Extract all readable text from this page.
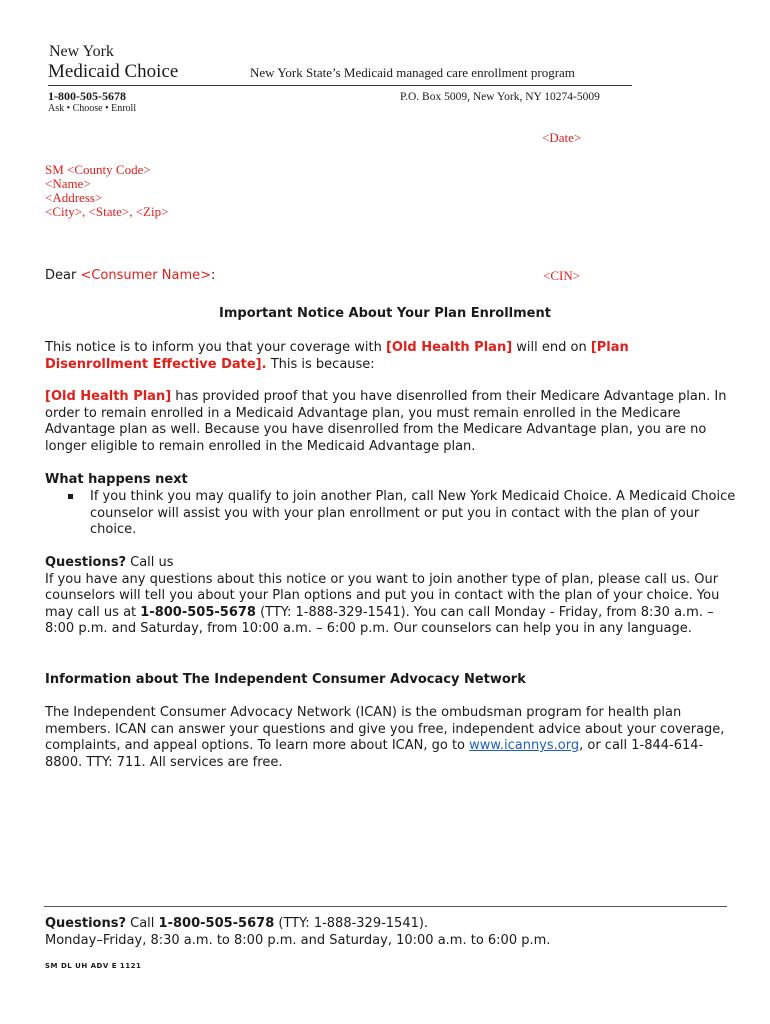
New York
Medicaid Choice	New York State’s Medicaid managed care enrollment program
1-800-505-5678
Ask • Choose • Enroll
P.O. Box 5009, New York, NY 10274-5009
<Date>
SM <County Code>
<Name>
<Address>
<City>, <State>, <Zip>
Dear <Consumer Name>:	<CIN>
Important Notice About Your Plan Enrollment
This notice is to inform you that your coverage with [Old Health Plan] will end on [Plan Disenrollment Effective Date]. This is because:
[Old Health Plan] has provided proof that you have disenrolled from their Medicare Advantage plan. In order to remain enrolled in a Medicaid Advantage plan, you must remain enrolled in the Medicare Advantage plan as well. Because you have disenrolled from the Medicare Advantage plan, you are no longer eligible to remain enrolled in the Medicaid Advantage plan.
What happens next
If you think you may qualify to join another Plan, call New York Medicaid Choice. A Medicaid Choice counselor will assist you with your plan enrollment or put you in contact with the plan of your choice.
Questions? Call us
If you have any questions about this notice or you want to join another type of plan, please call us. Our counselors will tell you about your Plan options and put you in contact with the plan of your choice. You may call us at 1-800-505-5678 (TTY: 1-888-329-1541). You can call Monday - Friday, from 8:30 a.m. – 8:00 p.m. and Saturday, from 10:00 a.m. – 6:00 p.m. Our counselors can help you in any language.
Information about The Independent Consumer Advocacy Network
The Independent Consumer Advocacy Network (ICAN) is the ombudsman program for health plan members. ICAN can answer your questions and give you free, independent advice about your coverage, complaints, and appeal options. To learn more about ICAN, go to www.icannys.org, or call 1-844-614-8800. TTY: 711. All services are free.
Questions? Call 1-800-505-5678 (TTY: 1-888-329-1541).
Monday–Friday, 8:30 a.m. to 8:00 p.m. and Saturday, 10:00 a.m. to 6:00 p.m.
SM DL UH ADV E 1121
